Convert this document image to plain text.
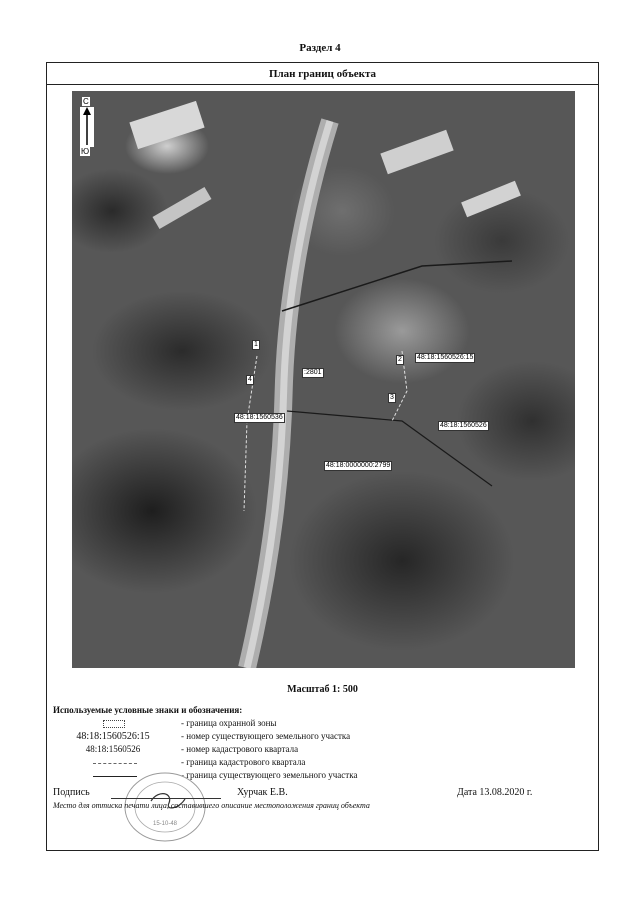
Раздел 4
План границ объекта
С
Ю
48:18:1560526:15
48:18:1560526
48:18:1560536
48:18:0000000:2799
:2801
1
2
3
4
Масштаб 1: 500
Используемые условные знаки и обозначения:
- граница охранной зоны
48:18:1560526:15	- номер существующего земельного участка
48:18:1560526	- номер кадастрового квартала
- граница кадастрового квартала
- граница существующего земельного участка
15-10-48
Подпись	Хурчак Е.В.	Дата 13.08.2020 г.
Место для оттиска печати лица, составившего описание местоположения границ объекта
